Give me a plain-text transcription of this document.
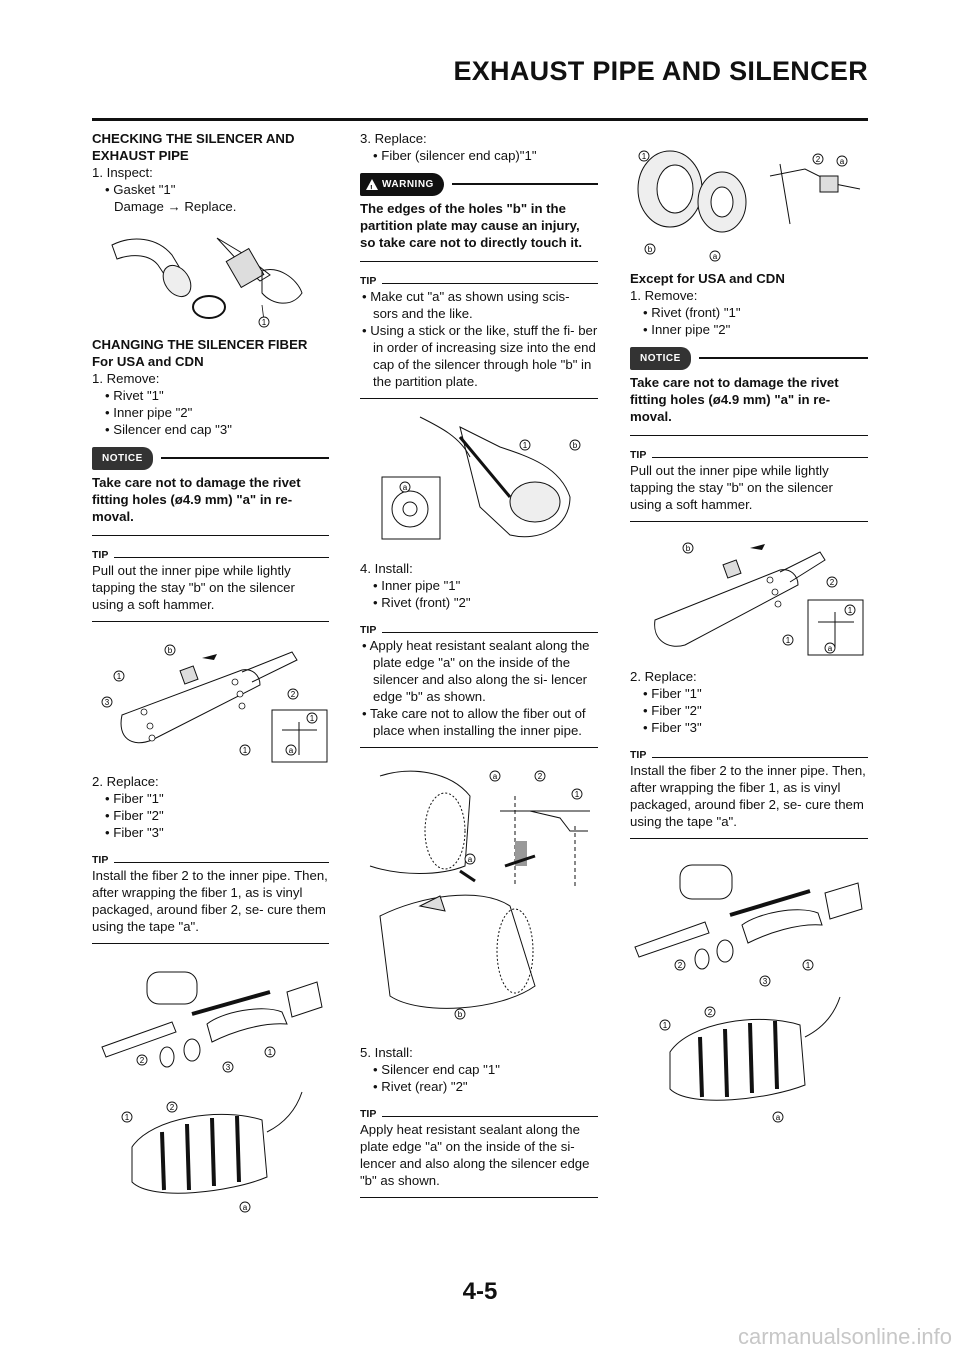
EXHAUST PIPE AND SILENCER
CHECKING THE SILENCER AND EXHAUST PIPE
1. Inspect:
• Gasket "1"
Damage → Replace.
1
CHANGING THE SILENCER FIBER
For USA and CDN
1. Remove:
• Rivet "1"
• Inner pipe "2"
• Silencer end cap "3"
NOTICE
Take care not to damage the rivet fitting holes (ø4.9 mm) "a" in re- moval.
TIP
Pull out the inner pipe while lightly tapping the stay "b" on the silencer using a soft hammer.
b
1
3
2
1
1
a
2. Replace:
• Fiber "1"
• Fiber "2"
• Fiber "3"
TIP
Install the fiber 2 to the inner pipe. Then, after wrapping the fiber 1, as is vinyl packaged, around fiber 2, se- cure them using the tape "a".
2
3
1
1
2
a
3. Replace:
• Fiber (silencer end cap)"1"
!
WARNING
The edges of the holes "b" in the partition plate may cause an injury, so take care not to directly touch it.
TIP
• Make cut "a" as shown using scis- sors and the like.
• Using a stick or the like, stuff the fi- ber in order of increasing size into the end cap of the silencer through hole "b" in the partition plate.
1	b
a
4. Install:
• Inner pipe "1"
• Rivet (front) "2"
TIP
• Apply heat resistant sealant along the plate edge "a" on the inside of the silencer and also along the si- lencer edge "b" as shown.
• Take care not to allow the fiber out of place when installing the inner pipe.
a	2
1
a
b
5. Install:
• Silencer end cap "1"
• Rivet (rear) "2"
TIP
Apply heat resistant sealant along the plate edge "a" on the inside of the si- lencer and also along the silencer edge "b" as shown.
1
b
a
2 a
Except for USA and CDN
1. Remove:
• Rivet (front) "1"
• Inner pipe "2"
NOTICE
Take care not to damage the rivet fitting holes (ø4.9 mm) "a" in re- moval.
TIP
Pull out the inner pipe while lightly tapping the stay "b" on the silencer using a soft hammer.
b
2
1
1
a
2. Replace:
• Fiber "1"
• Fiber "2"
• Fiber "3"
TIP
Install the fiber 2 to the inner pipe. Then, after wrapping the fiber 1, as is vinyl packaged, around fiber 2, se- cure them using the tape "a".
2
3
1
1
2
a
4-5
carmanualsonline.info
